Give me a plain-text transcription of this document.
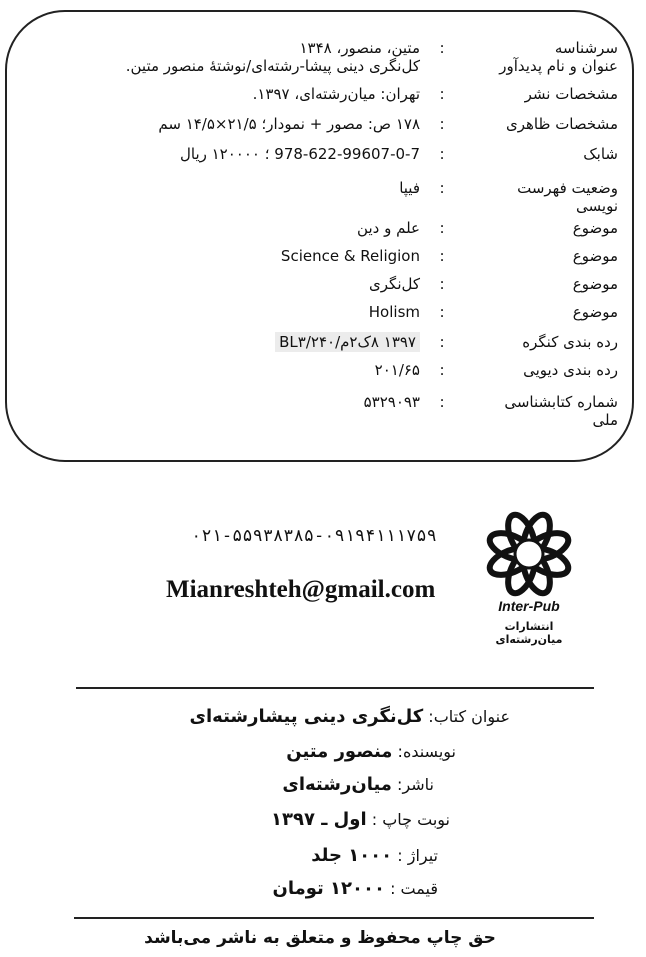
سرشناسه
:
متین، منصور، ۱۳۴۸
عنوان و نام پدیدآور
کل‌نگری دینی پیشا-رشته‌ای/نوشتهٔ منصور متین.
مشخصات نشر
:
تهران: میان‌رشته‌ای، ۱۳۹۷.
مشخصات ظاهری
:
۱۷۸ ص: مصور + نمودار؛ ۲۱/۵×۱۴/۵ سم
شابک
:
978-622-99607-0-7 ؛ ۱۲۰۰۰۰ ریال
وضعیت فهرست
:
فیپا
نویسی
موضوع
:
علم و دین
موضوع
:
Science & Religion
موضوع
:
کل‌نگری
موضوع
:
Holism
رده بندی کنگره
:
۱۳۹۷ ۸ک۲م/۲۴۰/BL۳
رده بندی دیویی
:
۲۰۱/۶۵
شماره کتابشناسی
:
۵۳۲۹۰۹۳
ملی
۰۲۱-۵۵۹۳۸۳۸۵-۰۹۱۹۴۱۱۱۷۵۹
Mianreshteh@gmail.com
Inter-Pub
انتشارات میان‌رشته‌ای
عنوان کتاب: کل‌نگری دینی پیشارشته‌ای
نویسنده: منصور متین
ناشر: میان‌رشته‌ای
نوبت چاپ : اول ـ ۱۳۹۷
تیراژ : ۱۰۰۰ جلد
قیمت : ۱۲۰۰۰ تومان
حق چاپ محفوظ و متعلق به ناشر می‌باشد
